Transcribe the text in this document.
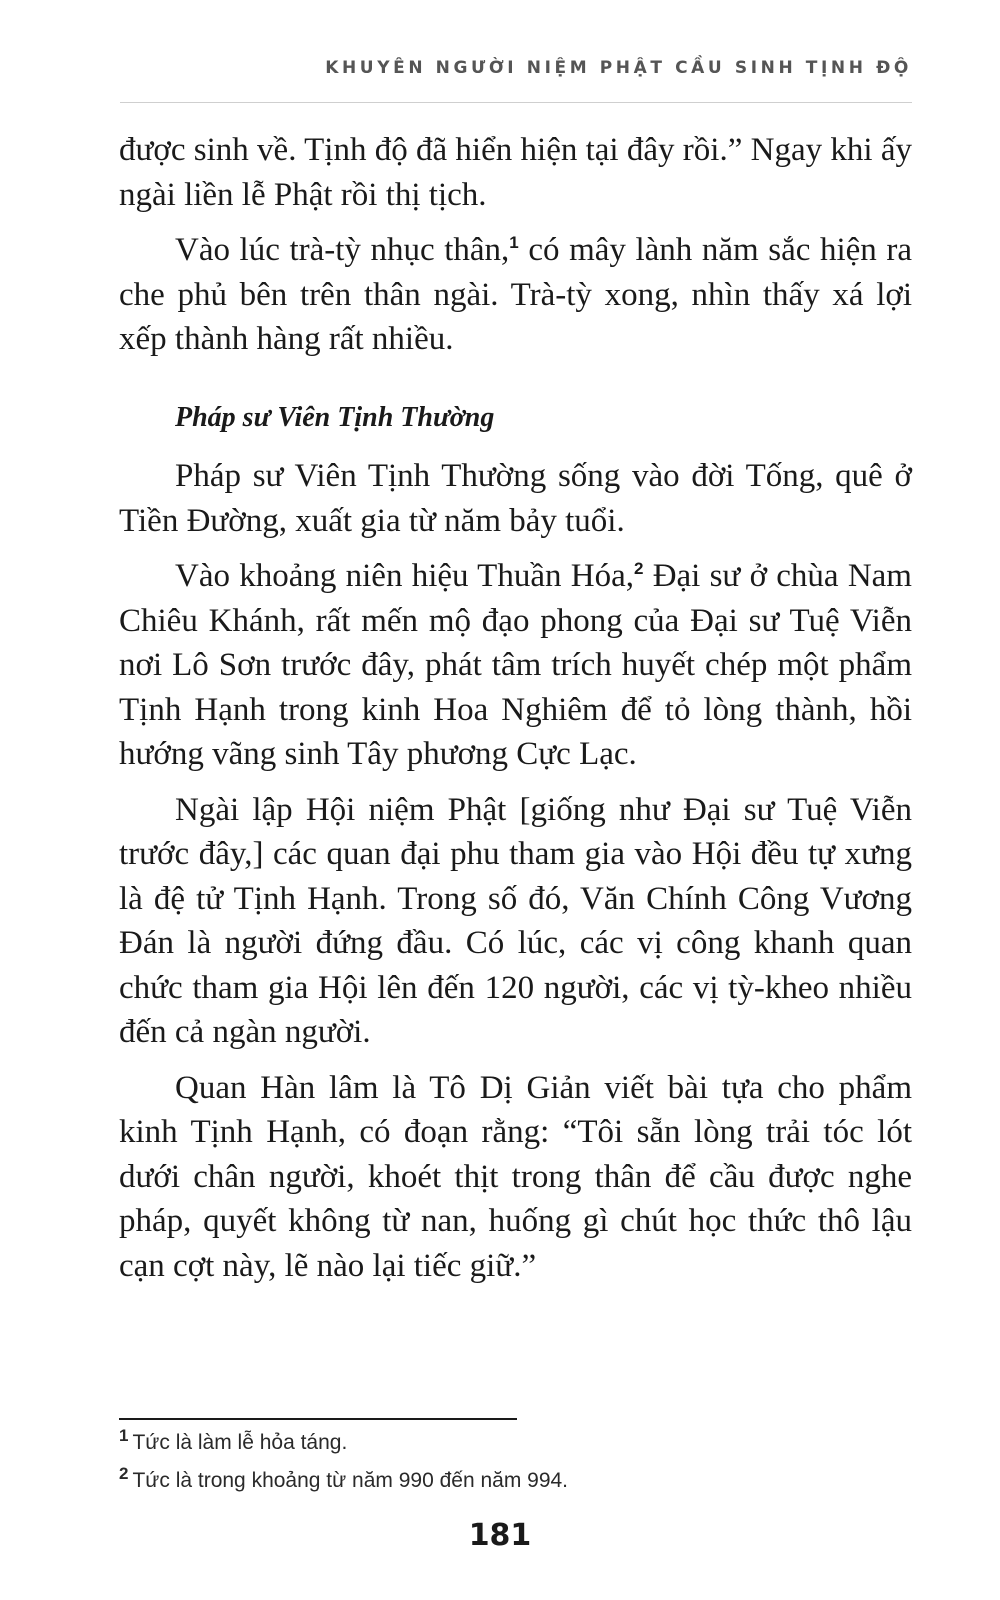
KHUYÊN NGƯỜI NIỆM PHẬT CẦU SINH TỊNH ĐỘ

được sinh về. Tịnh độ đã hiển hiện tại đây rồi.” Ngay khi ấy ngài liền lễ Phật rồi thị tịch.

Vào lúc trà-tỳ nhục thân,$^1$ có mây lành năm sắc hiện ra che phủ bên trên thân ngài. Trà-tỳ xong, nhìn thấy xá lợi xếp thành hàng rất nhiều.

Pháp sư Viên Tịnh Thường

Pháp sư Viên Tịnh Thường sống vào đời Tống, quê ở Tiền Đường, xuất gia từ năm bảy tuổi.

Vào khoảng niên hiệu Thuần Hóa,$^2$ Đại sư ở chùa Nam Chiêu Khánh, rất mến mộ đạo phong của Đại sư Tuệ Viễn nơi Lô Sơn trước đây, phát tâm trích huyết chép một phẩm Tịnh Hạnh trong kinh Hoa Nghiêm để tỏ lòng thành, hồi hướng vãng sinh Tây phương Cực Lạc.

Ngài lập Hội niệm Phật [giống như Đại sư Tuệ Viễn trước đây,] các quan đại phu tham gia vào Hội đều tự xưng là đệ tử Tịnh Hạnh. Trong số đó, Văn Chính Công Vương Đán là người đứng đầu. Có lúc, các vị công khanh quan chức tham gia Hội lên đến 120 người, các vị tỳ-kheo nhiều đến cả ngàn người.

Quan Hàn lâm là Tô Dị Giản viết bài tựa cho phẩm kinh Tịnh Hạnh, có đoạn rằng: “Tôi sẵn lòng trải tóc lót dưới chân người, khoét thịt trong thân để cầu được nghe pháp, quyết không từ nan, huống gì chút học thức thô lậu cạn cợt này, lẽ nào lại tiếc giữ.”

$^1$ Tức là làm lễ hỏa táng.

$^2$ Tức là trong khoảng từ năm 990 đến năm 994.

181
